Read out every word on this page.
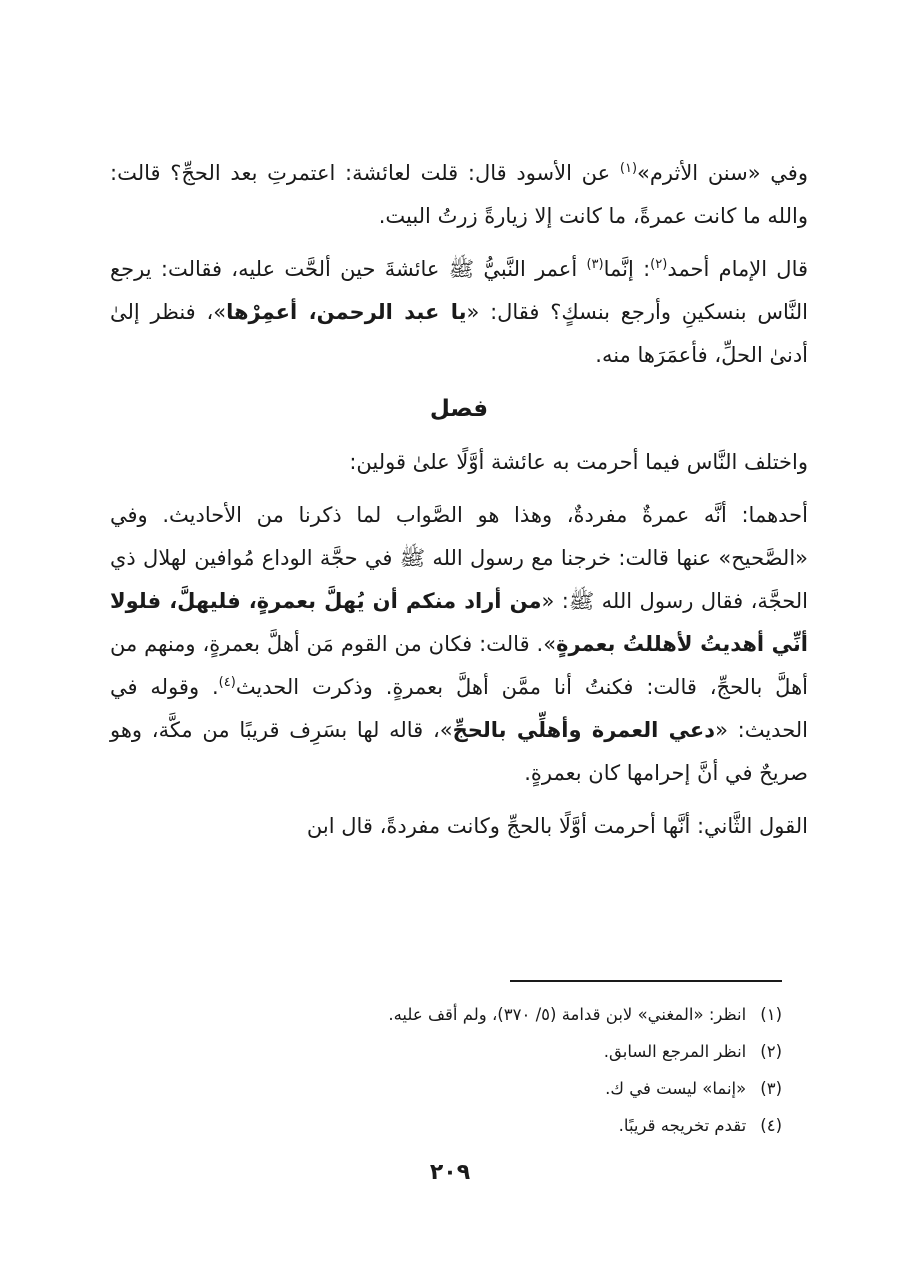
وفي «سنن الأثرم»$^{(١)}$ عن الأسود قال: قلت لعائشة: اعتمرتِ بعد الحجِّ؟ قالت: والله ما كانت عمرةً، ما كانت إلا زيارةً زرتُ البيت.

قال الإمام أحمد$^{(٢)}$: إنَّما$^{(٣)}$ أعمر النَّبيُّ ﷺ عائشةَ حين ألحَّت عليه، فقالت: يرجع النَّاس بنسكينِ وأرجع بنسكٍ؟ فقال: «يا عبد الرحمن، أعمِرْها»، فنظر إلىٰ أدنىٰ الحلِّ، فأعمَرَها منه.

فصل

واختلف النَّاس فيما أحرمت به عائشة أوَّلًا علىٰ قولين:

أحدهما: أنَّه عمرةٌ مفردةٌ، وهذا هو الصَّواب لما ذكرنا من الأحاديث. وفي «الصَّحيح» عنها قالت: خرجنا مع رسول الله ﷺ في حجَّة الوداع مُوافين لهلال ذي الحجَّة، فقال رسول الله ﷺ: «من أراد منكم أن يُهلَّ بعمرةٍ، فليهلَّ، فلولا أنِّي أهديتُ لأهللتُ بعمرةٍ». قالت: فكان من القوم مَن أهلَّ بعمرةٍ، ومنهم من أهلَّ بالحجِّ، قالت: فكنتُ أنا ممَّن أهلَّ بعمرةٍ. وذكرت الحديث$^{(٤)}$. وقوله في الحديث: «دعي العمرة وأهلِّي بالحجِّ»، قاله لها بسَرِف قريبًا من مكَّة، وهو صريحٌ في أنَّ إحرامها كان بعمرةٍ.

القول الثَّاني: أنَّها أحرمت أوَّلًا بالحجِّ وكانت مفردةً، قال ابن

(١)انظر: «المغني» لابن قدامة (٥/ ٣٧٠)، ولم أقف عليه.
(٢)انظر المرجع السابق.
(٣)«إنما» ليست في ك.
(٤)تقدم تخريجه قريبًا.
٢٠٩
